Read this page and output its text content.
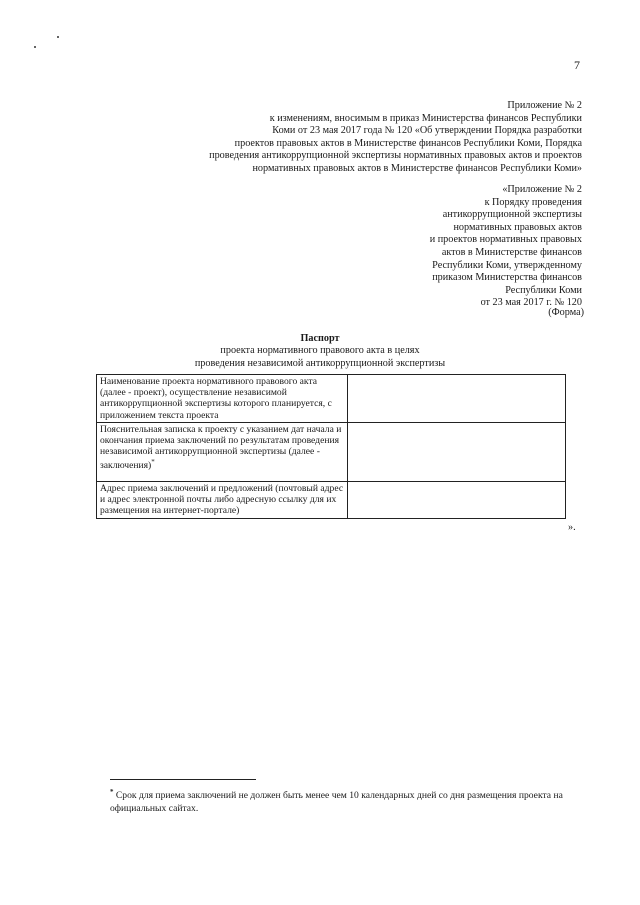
7
Приложение № 2
к изменениям, вносимым в приказ Министерства финансов Республики
Коми от 23 мая 2017 года № 120 «Об утверждении Порядка разработки
проектов правовых актов в Министерстве финансов Республики Коми, Порядка
проведения антикоррупционной экспертизы нормативных правовых актов и проектов
нормативных правовых актов в Министерстве финансов Республики Коми»
«Приложение № 2
к Порядку проведения
антикоррупционной экспертизы
нормативных правовых актов
и проектов нормативных правовых
актов в Министерстве финансов
Республики Коми, утвержденному
приказом Министерства финансов
Республики Коми
от 23 мая 2017 г. № 120
(Форма)
Паспорт
проекта нормативного правового акта в целях
проведения независимой антикоррупционной экспертизы
Наименование проекта нормативного правового акта (далее - проект), осуществление независимой антикоррупционной экспертизы которого планируется, с приложением текста проекта	
Пояснительная записка к проекту с указанием дат начала и окончания приема заключений по результатам проведения независимой антикоррупционной экспертизы (далее - заключения)*	
Адрес приема заключений и предложений (почтовый адрес и адрес электронной почты либо адресную ссылку для их размещения на интернет-портале)	
».
* Срок для приема заключений не должен быть менее чем 10 календарных дней со дня размещения проекта на официальных сайтах.
